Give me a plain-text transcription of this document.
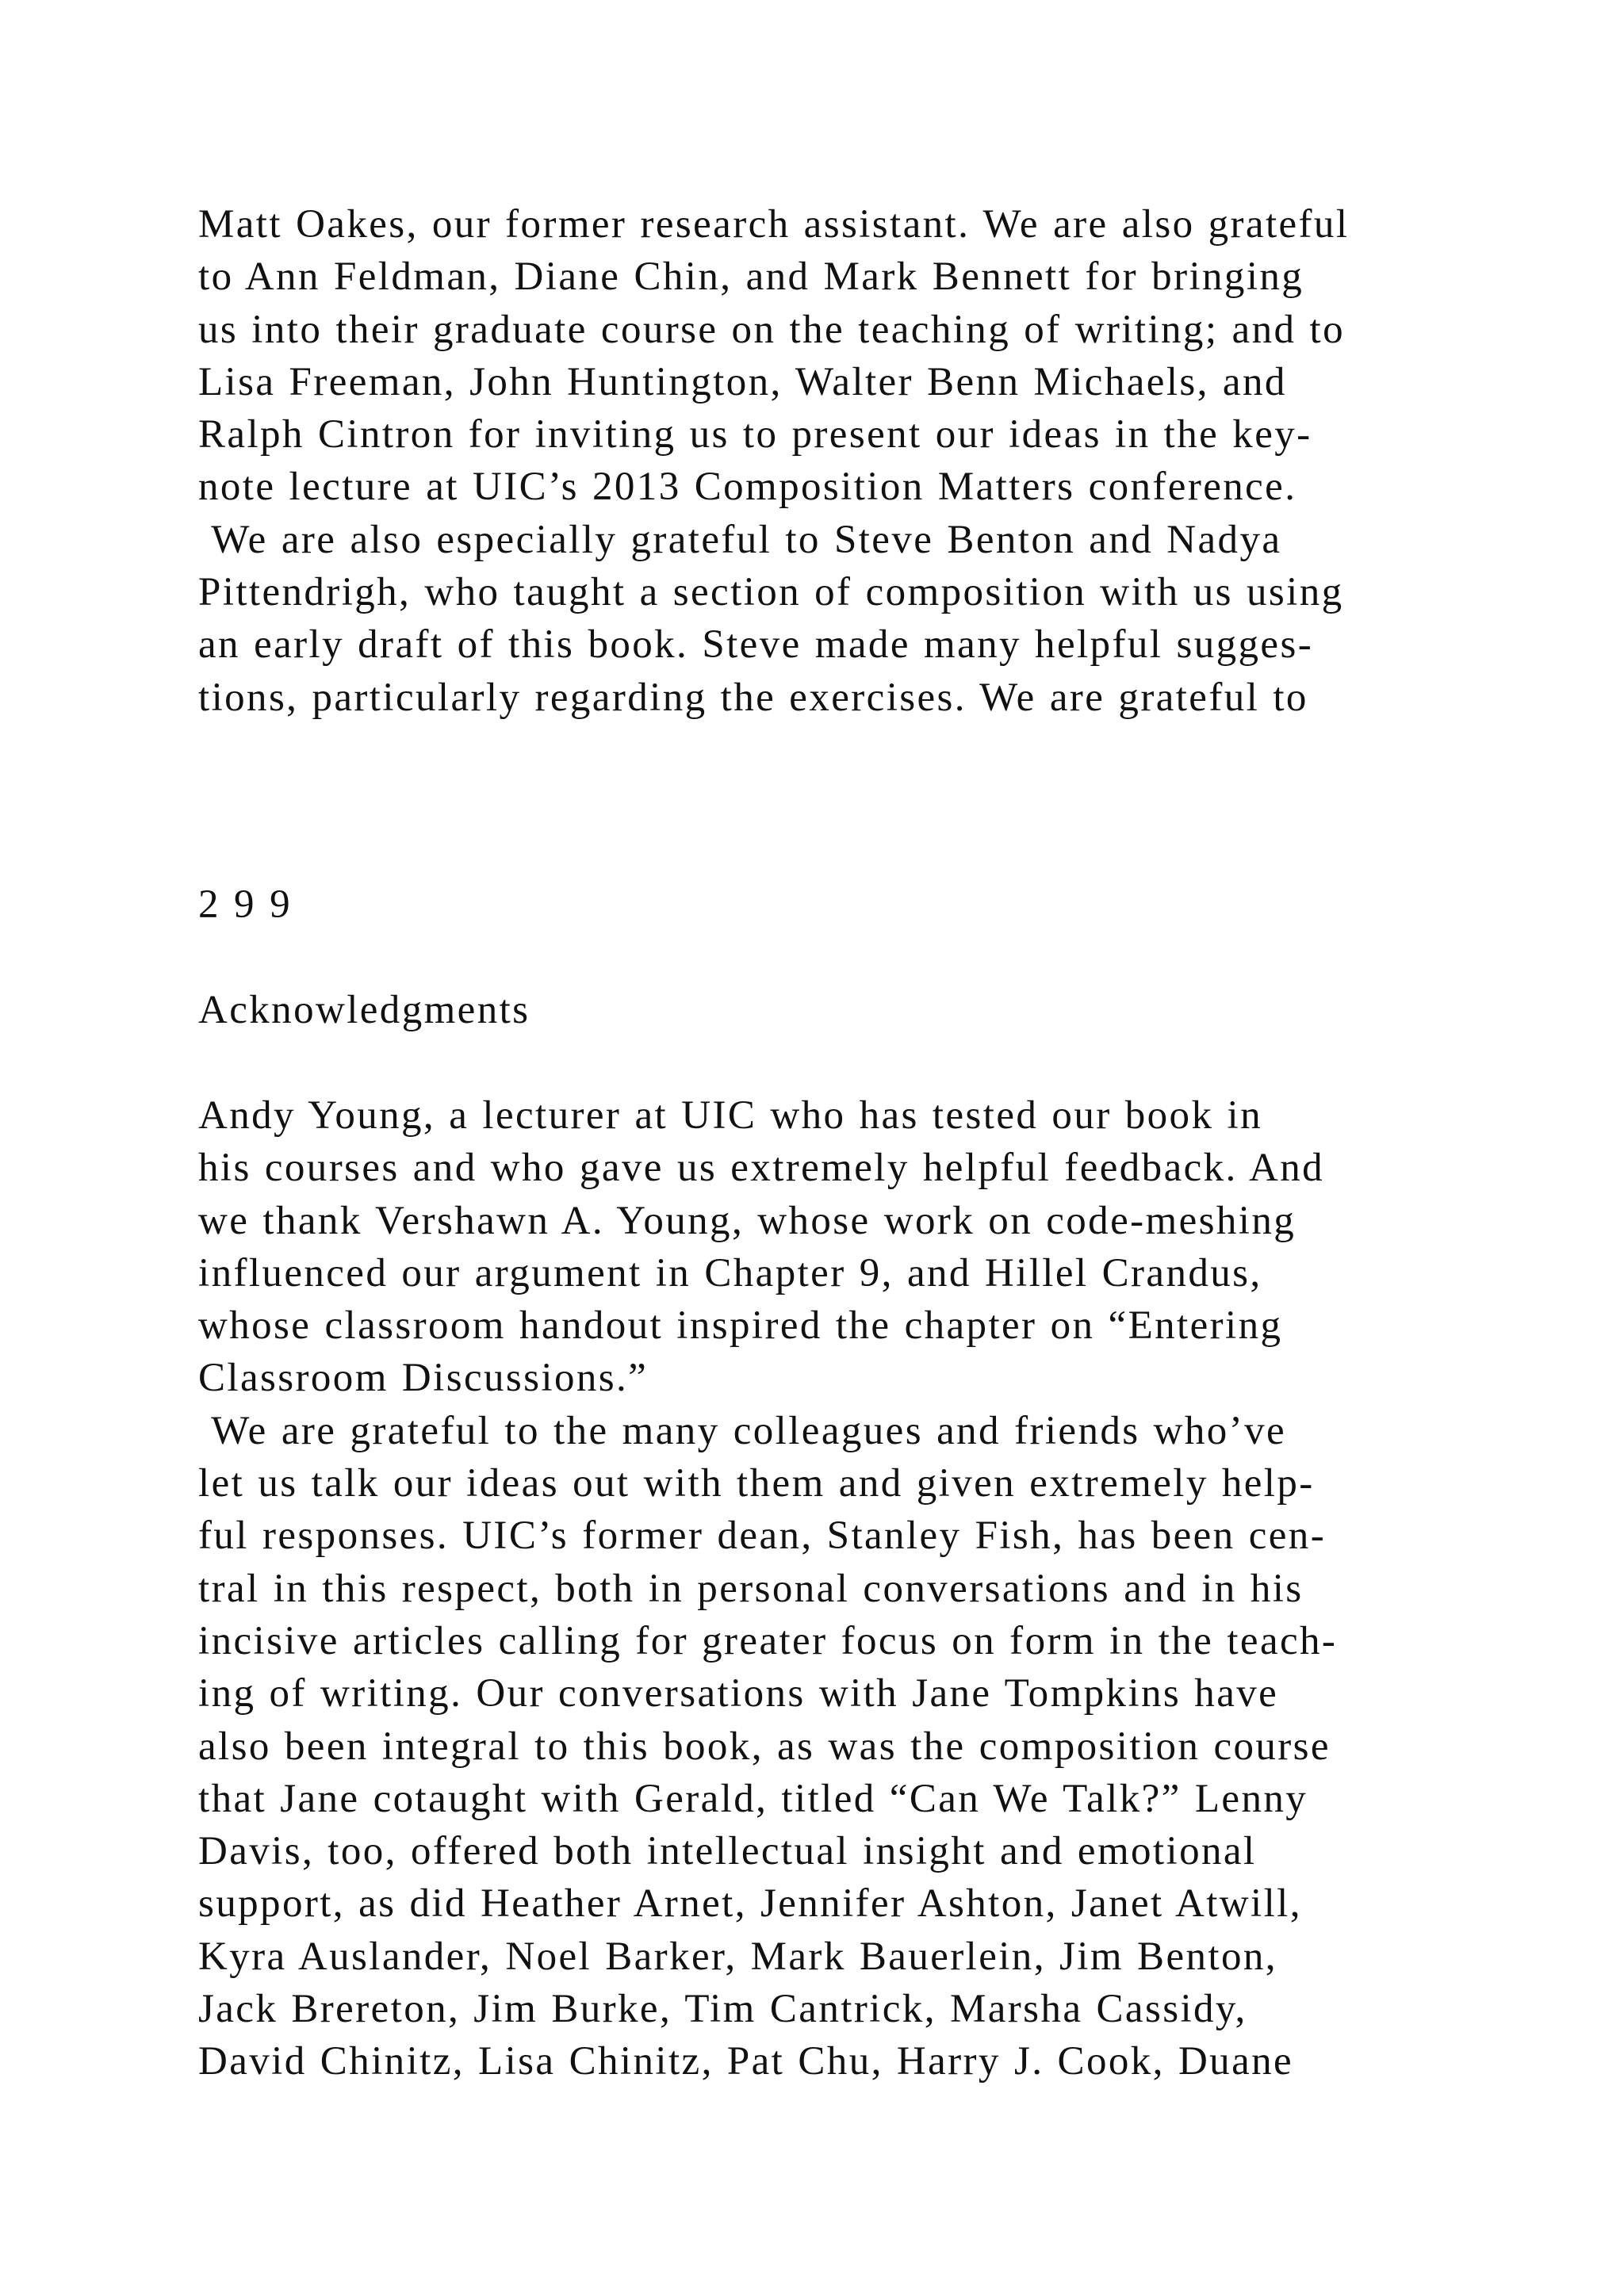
Matt Oakes, our former research assistant. We are also grateful
to Ann Feldman, Diane Chin, and Mark Bennett for bringing
us into their graduate course on the teaching of writing; and to
Lisa Freeman, John Huntington, Walter Benn Michaels, and
Ralph Cintron for inviting us to present our ideas in the key-
note lecture at UIC’s 2013 Composition Matters conference.
We are also especially grateful to Steve Benton and Nadya
Pittendrigh, who taught a section of composition with us using
an early draft of this book. Steve made many helpful sugges-
tions, particularly regarding the exercises. We are grateful to
2 9 9
Acknowledgments
Andy Young, a lecturer at UIC who has tested our book in
his courses and who gave us extremely helpful feedback. And
we thank Vershawn A. Young, whose work on code-meshing
influenced our argument in Chapter 9, and Hillel Crandus,
whose classroom handout inspired the chapter on “Entering
Classroom Discussions.”
We are grateful to the many colleagues and friends who’ve
let us talk our ideas out with them and given extremely help-
ful responses. UIC’s former dean, Stanley Fish, has been cen-
tral in this respect, both in personal conversations and in his
incisive articles calling for greater focus on form in the teach-
ing of writing. Our conversations with Jane Tompkins have
also been integral to this book, as was the composition course
that Jane cotaught with Gerald, titled “Can We Talk?” Lenny
Davis, too, offered both intellectual insight and emotional
support, as did Heather Arnet, Jennifer Ashton, Janet Atwill,
Kyra Auslander, Noel Barker, Mark Bauerlein, Jim Benton,
Jack Brereton, Jim Burke, Tim Cantrick, Marsha Cassidy,
David Chinitz, Lisa Chinitz, Pat Chu, Harry J. Cook, Duane
